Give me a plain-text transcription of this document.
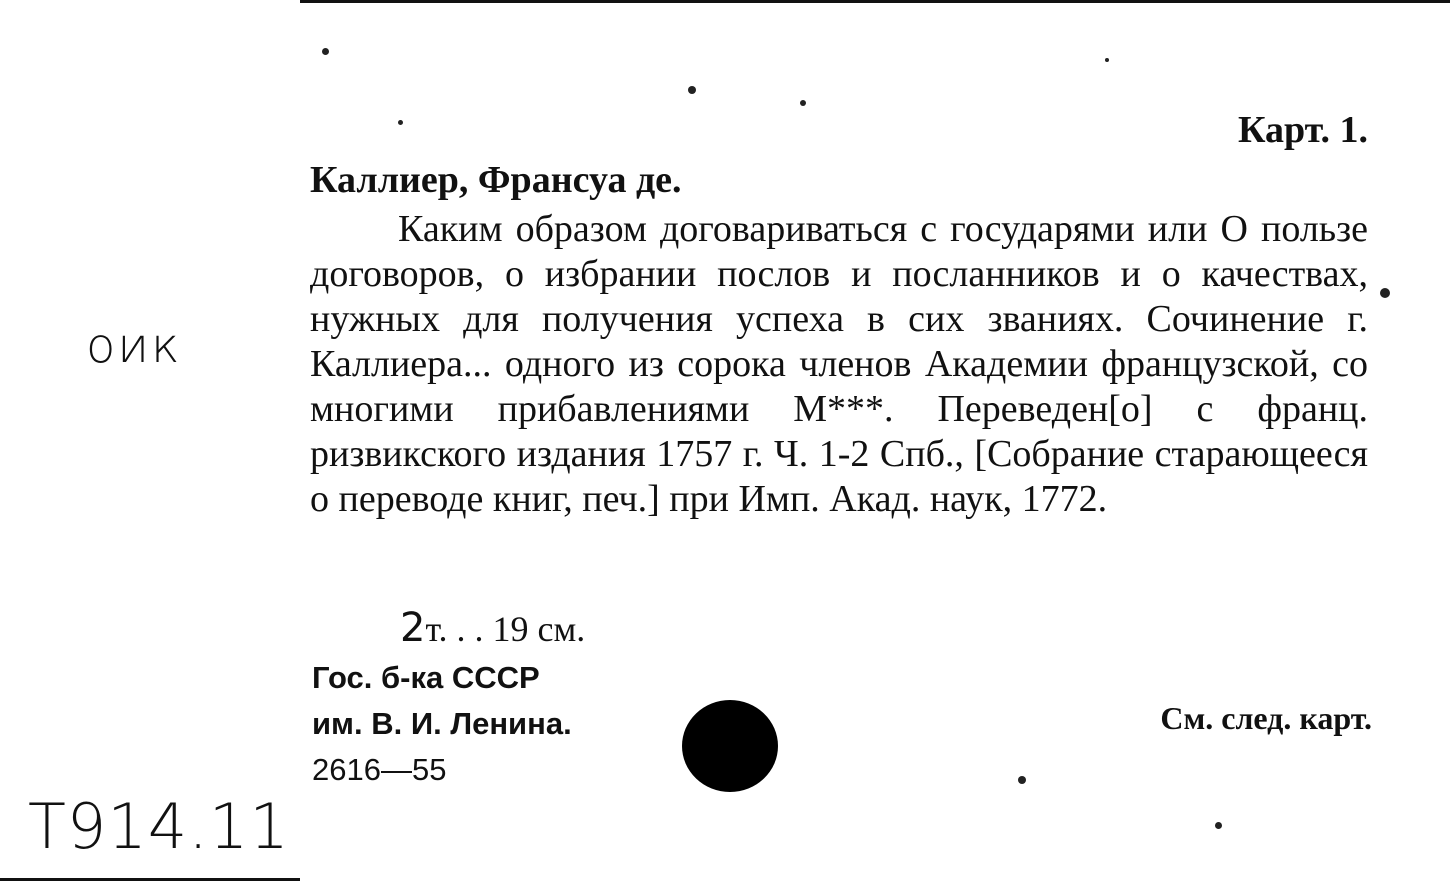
Карт. 1.
Каллиер, Франсуа де.

Каким образом договариваться с государями или О пользе договоров, о избрании послов и посланников и о качествах, нужных для получения успеха в сих званиях. Сочинение г. Каллиера... одного из сорока членов Академии французской, со многими прибавлениями М***. Переведен[о] с франц. ризвикского издания 1757 г. Ч. 1-2 Спб., [Собрание старающееся о переводе книг, печ.] при Имп. Акад. наук, 1772.

2т. . . 19 см.
Гос. б-ка СССР
им. В. И. Ленина.
2616—55
См. след. карт.
оик
T914.11
